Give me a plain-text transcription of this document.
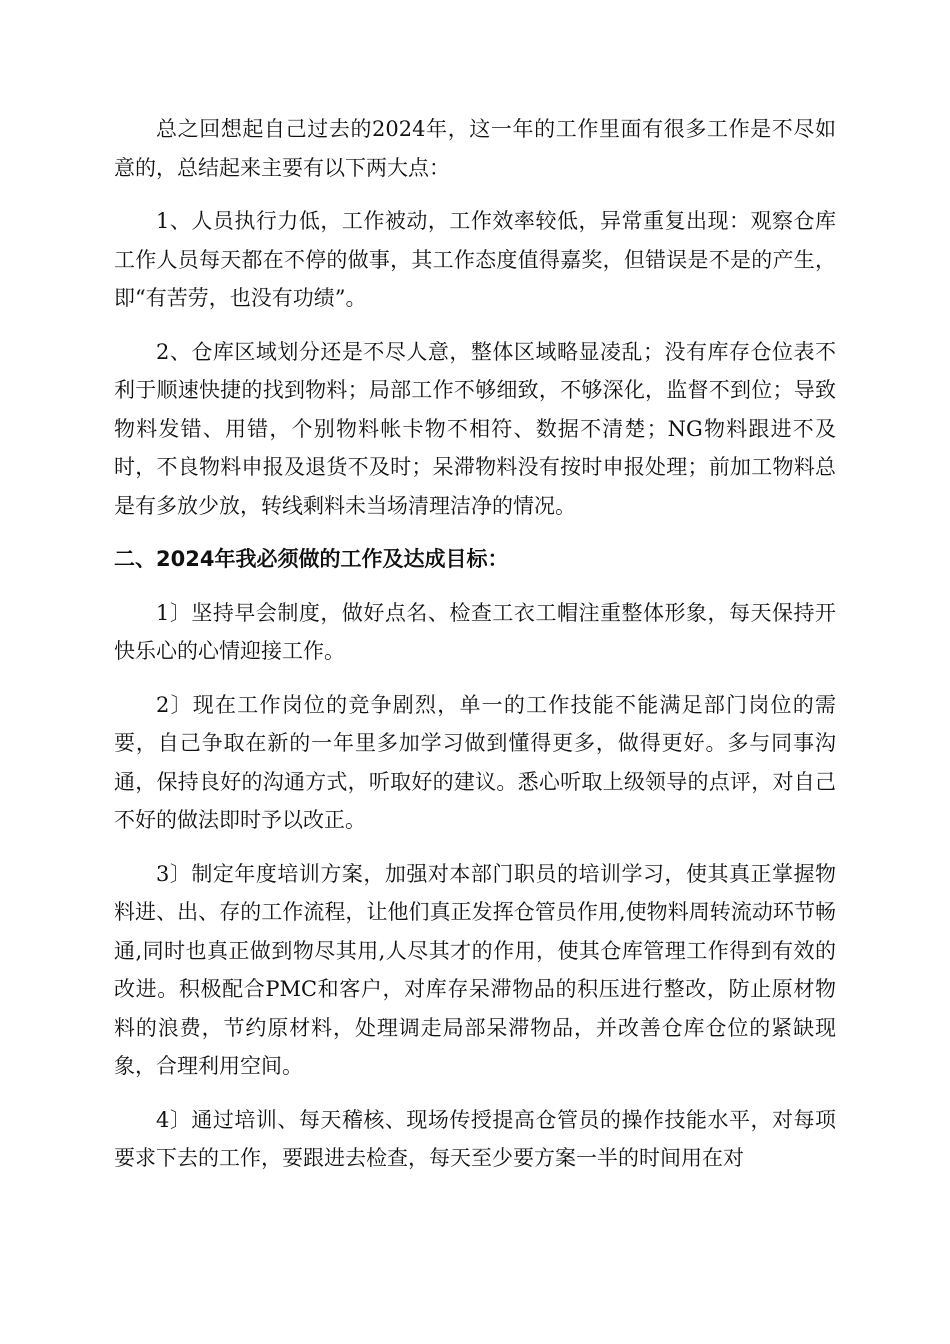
总之回想起自己过去的2024年，这一年的工作里面有很多工作是不尽如意的，总结起来主要有以下两大点：

1、人员执行力低，工作被动，工作效率较低，异常重复出现：观察仓库工作人员每天都在不停的做事，其工作态度值得嘉奖，但错误是不是的产生，即“有苦劳，也没有功绩”。

2、仓库区域划分还是不尽人意，整体区域略显凌乱；没有库存仓位表不利于顺速快捷的找到物料；局部工作不够细致，不够深化，监督不到位；导致物料发错、用错，个别物料帐卡物不相符、数据不清楚；NG物料跟进不及时，不良物料申报及退货不及时；呆滞物料没有按时申报处理；前加工物料总是有多放少放，转线剩料未当场清理洁净的情况。

二、2024年我必须做的工作及达成目标：

1〕坚持早会制度，做好点名、检查工衣工帽注重整体形象，每天保持开快乐心的心情迎接工作。

2〕现在工作岗位的竞争剧烈，单一的工作技能不能满足部门岗位的需要，自己争取在新的一年里多加学习做到懂得更多，做得更好。多与同事沟通，保持良好的沟通方式，听取好的建议。悉心听取上级领导的点评，对自己不好的做法即时予以改正。

3〕制定年度培训方案，加强对本部门职员的培训学习，使其真正掌握物料进、出、存的工作流程，让他们真正发挥仓管员作用,使物料周转流动环节畅通,同时也真正做到物尽其用,人尽其才的作用，使其仓库管理工作得到有效的改进。积极配合PMC和客户，对库存呆滞物品的积压进行整改，防止原材物料的浪费，节约原材料，处理调走局部呆滞物品，并改善仓库仓位的紧缺现象，合理利用空间。

4〕通过培训、每天稽核、现场传授提高仓管员的操作技能水平，对每项要求下去的工作，要跟进去检查，每天至少要方案一半的时间用在对
